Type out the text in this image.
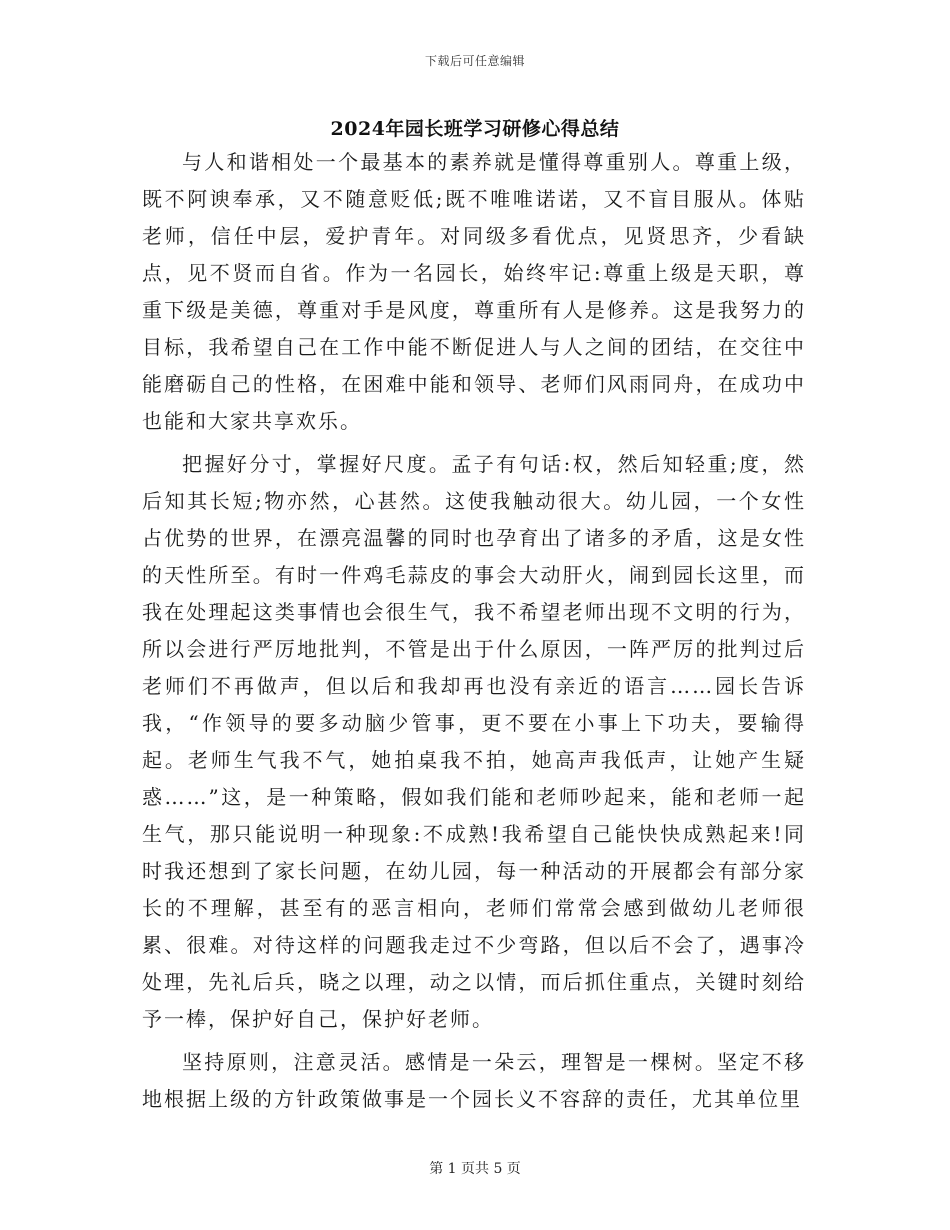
下载后可任意编辑
2024年园长班学习研修心得总结

与人和谐相处一个最基本的素养就是懂得尊重别人。尊重上级，既不阿谀奉承，又不随意贬低;既不唯唯诺诺，又不盲目服从。体贴老师，信任中层，爱护青年。对同级多看优点，见贤思齐，少看缺点，见不贤而自省。作为一名园长，始终牢记:尊重上级是天职，尊重下级是美德，尊重对手是风度，尊重所有人是修养。这是我努力的目标，我希望自己在工作中能不断促进人与人之间的团结，在交往中能磨砺自己的性格，在困难中能和领导、老师们风雨同舟，在成功中也能和大家共享欢乐。

把握好分寸，掌握好尺度。孟子有句话:权，然后知轻重;度，然后知其长短;物亦然，心甚然。这使我触动很大。幼儿园，一个女性占优势的世界，在漂亮温馨的同时也孕育出了诸多的矛盾，这是女性的天性所至。有时一件鸡毛蒜皮的事会大动肝火，闹到园长这里，而我在处理起这类事情也会很生气，我不希望老师出现不文明的行为，所以会进行严厉地批判，不管是出于什么原因，一阵严厉的批判过后老师们不再做声，但以后和我却再也没有亲近的语言……园长告诉我，“作领导的要多动脑少管事，更不要在小事上下功夫，要输得起。老师生气我不气，她拍桌我不拍，她高声我低声，让她产生疑惑……”这，是一种策略，假如我们能和老师吵起来，能和老师一起生气，那只能说明一种现象:不成熟!我希望自己能快快成熟起来!同时我还想到了家长问题，在幼儿园，每一种活动的开展都会有部分家长的不理解，甚至有的恶言相向，老师们常常会感到做幼儿老师很累、很难。对待这样的问题我走过不少弯路，但以后不会了，遇事冷处理，先礼后兵，晓之以理，动之以情，而后抓住重点，关键时刻给予一棒，保护好自己，保护好老师。

坚持原则，注意灵活。感情是一朵云，理智是一棵树。坚定不移地根据上级的方针政策做事是一个园长义不容辞的责任，尤其单位里

第 1 页共 5 页
